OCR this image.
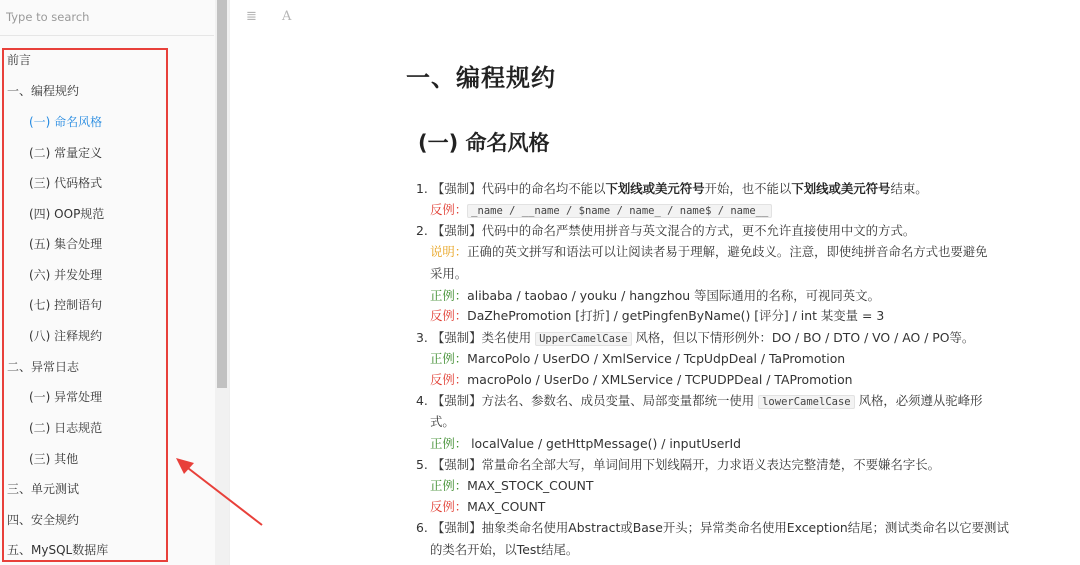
Type to search
前言
一、编程规约
(一) 命名风格
(二) 常量定义
(三) 代码格式
(四) OOP规范
(五) 集合处理
(六) 并发处理
(七) 控制语句
(八) 注释规约
二、异常日志
(一) 异常处理
(二) 日志规范
(三) 其他
三、单元测试
四、安全规约
五、MySQL数据库
≣ A
一、编程规约
(一) 命名风格
1. 【强制】代码中的命名均不能以下划线或美元符号开始，也不能以下划线或美元符号结束。
反例： _name / __name / $name / name_ / name$ / name__
2. 【强制】代码中的命名严禁使用拼音与英文混合的方式，更不允许直接使用中文的方式。
说明：正确的英文拼写和语法可以让阅读者易于理解，避免歧义。注意，即使纯拼音命名方式也要避免
采用。
正例：alibaba / taobao / youku / hangzhou 等国际通用的名称，可视同英文。
反例：DaZhePromotion [打折] / getPingfenByName() [评分] / int 某变量 = 3
3. 【强制】类名使用 UpperCamelCase 风格，但以下情形例外：DO / BO / DTO / VO / AO / PO等。
正例：MarcoPolo / UserDO / XmlService / TcpUdpDeal / TaPromotion
反例：macroPolo / UserDo / XMLService / TCPUDPDeal / TAPromotion
4. 【强制】方法名、参数名、成员变量、局部变量都统一使用 lowerCamelCase 风格，必须遵从驼峰形
式。
正例： localValue / getHttpMessage() / inputUserId
5. 【强制】常量命名全部大写，单词间用下划线隔开，力求语义表达完整清楚，不要嫌名字长。
正例：MAX_STOCK_COUNT
反例：MAX_COUNT
6. 【强制】抽象类命名使用Abstract或Base开头；异常类命名使用Exception结尾；测试类命名以它要测试
的类名开始，以Test结尾。
